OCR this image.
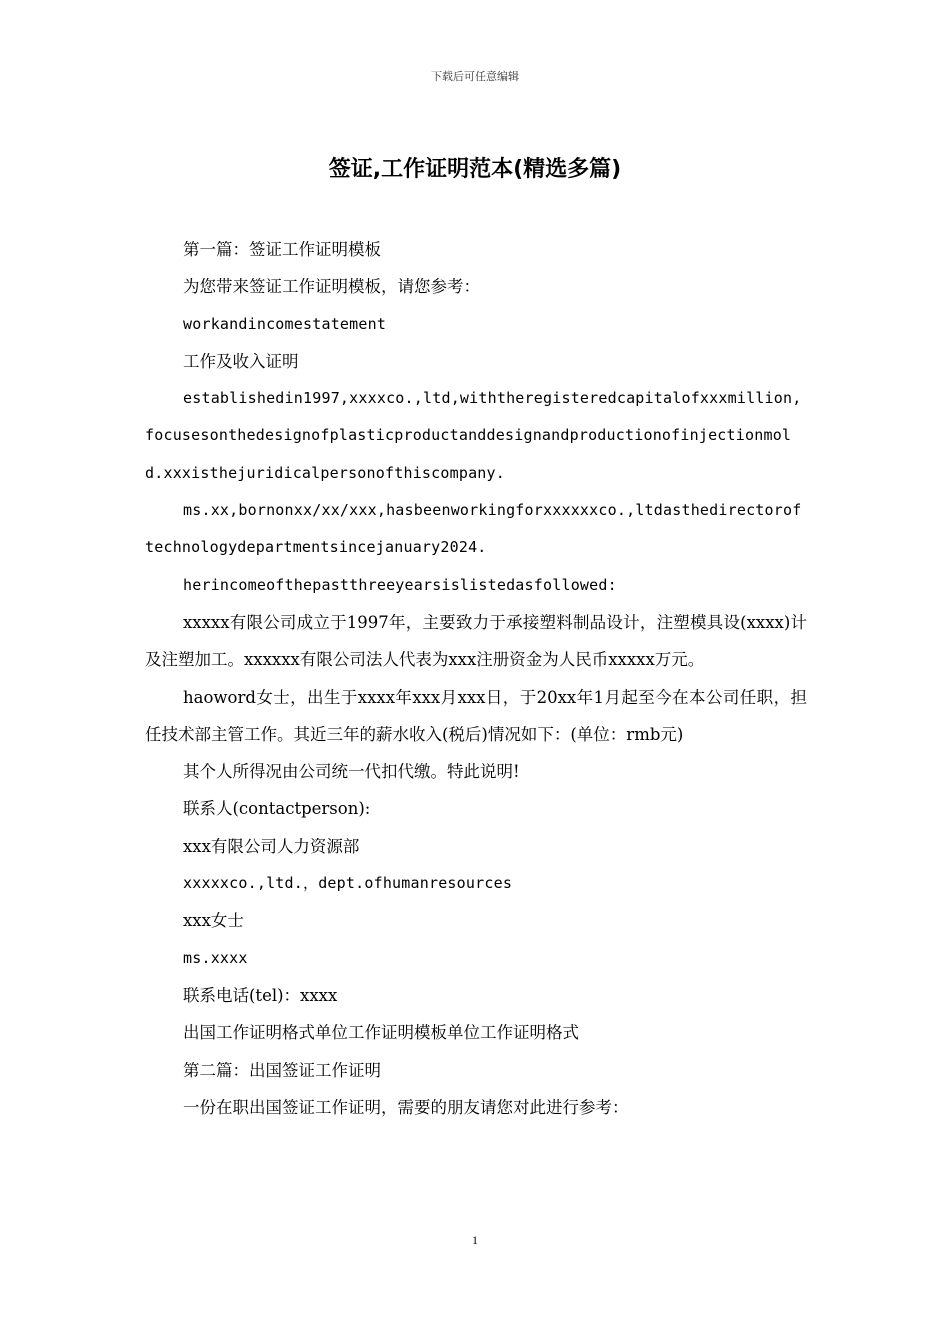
下载后可任意编辑
签证,工作证明范本(精选多篇)

第一篇：签证工作证明模板

为您带来签证工作证明模板，请您参考：

workandincomestatement

工作及收入证明

establishedin1997,xxxxco.,ltd,withtheregisteredcapitalofxxxmillion,focusesonthedesignofplasticproductanddesignandproductionofinjectionmold.xxxisthejuridicalpersonofthiscompany.

ms.xx,bornonxx/xx/xxx,hasbeenworkingforxxxxxxco.,ltdasthedirectoroftechnologydepartmentsincejanuary2024.

herincomeofthepastthreeyearsislistedasfollowed:

xxxxx有限公司成立于1997年，主要致力于承接塑料制品设计，注塑模具设(xxxx)计及注塑加工。xxxxxx有限公司法人代表为xxx注册资金为人民币xxxxx万元。

haoword女士，出生于xxxx年xxx月xxx日，于20xx年1月起至今在本公司任职，担任技术部主管工作。其近三年的薪水收入(税后)情况如下：(单位：rmb元)

其个人所得况由公司统一代扣代缴。特此说明!

联系人(contactperson):

xxx有限公司人力资源部

xxxxxco.,ltd.，dept.ofhumanresources

xxx女士

ms.xxxx

联系电话(tel)：xxxx

出国工作证明格式单位工作证明模板单位工作证明格式

第二篇：出国签证工作证明

一份在职出国签证工作证明，需要的朋友请您对此进行参考：

1
